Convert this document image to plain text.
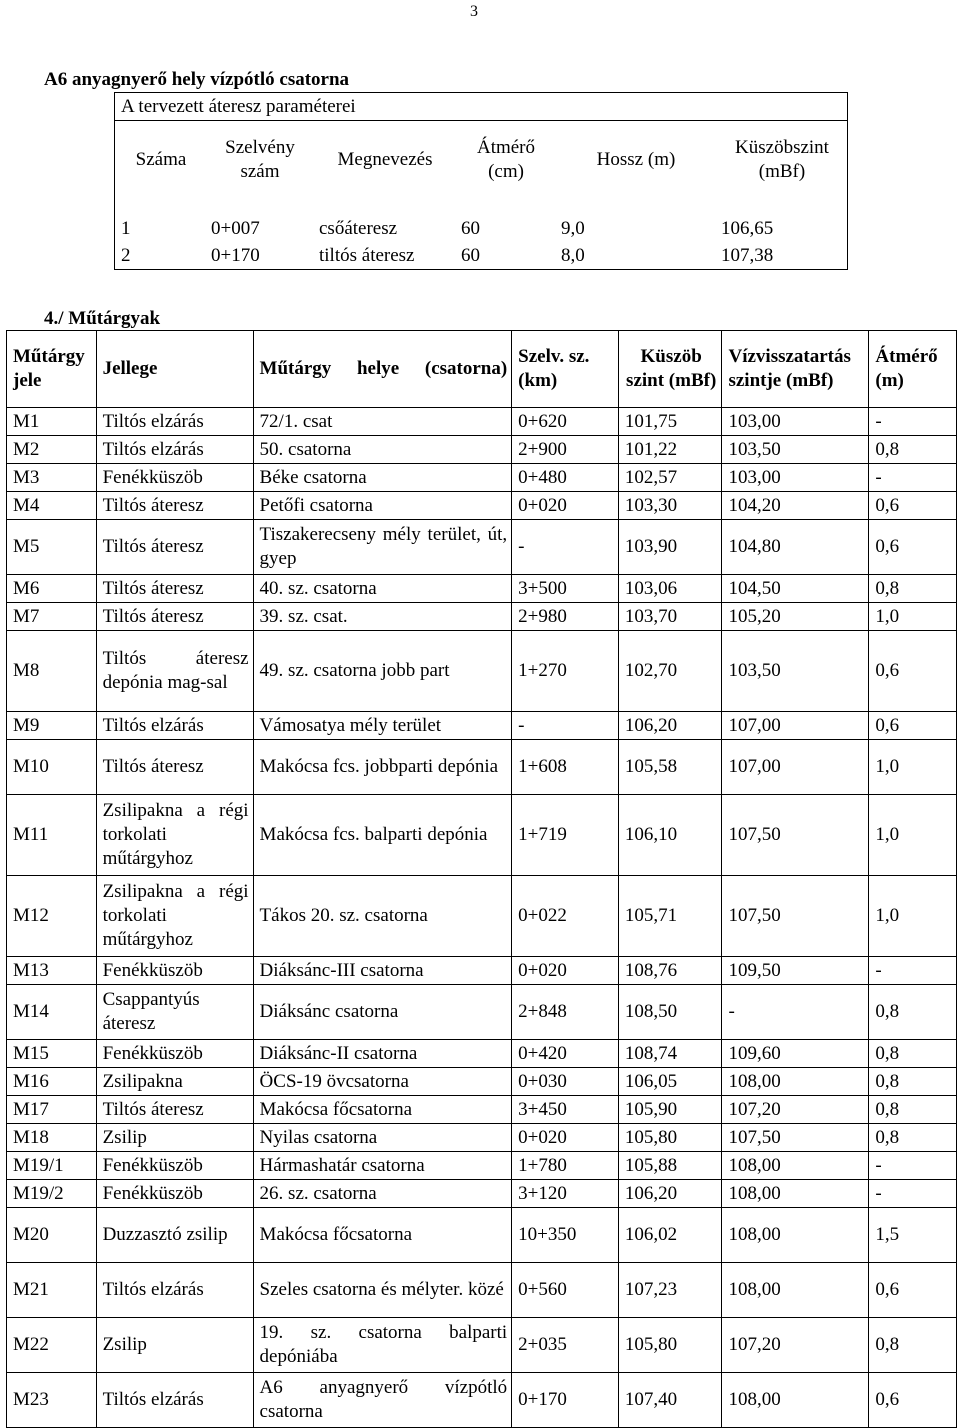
3
A6 anyagnyerő hely vízpótló csatorna
A tervezett áteresz paraméterei					
Száma	Szelvény szám	Megnevezés	Átmérő (cm)	Hossz (m)	Küszöbszint (mBf)

1	0+007	csőáteresz	60	9,0	106,65
2	0+170	tiltós áteresz	60	8,0	107,38
4./ Műtárgyak
Műtárgy jele	Jellege	Műtárgy helye (csatorna)	Szelv. sz. (km)	Küszöb szint (mBf)	Vízvisszatartás szintje (mBf)	Átmérő (m)
M1	Tiltós elzárás	72/1. csat	0+620	101,75	103,00	-
M2	Tiltós elzárás	50. csatorna	2+900	101,22	103,50	0,8
M3	Fenékküszöb	Béke csatorna	0+480	102,57	103,00	-
M4	Tiltós áteresz	Petőfi csatorna	0+020	103,30	104,20	0,6
M5	Tiltós áteresz	Tiszakerecseny mély terület, út, gyep	-	103,90	104,80	0,6
M6	Tiltós áteresz	40. sz. csatorna	3+500	103,06	104,50	0,8
M7	Tiltós áteresz	39. sz. csat.	2+980	103,70	105,20	1,0
M8	Tiltós áteresz depónia mag-sal	49. sz. csatorna jobb part	1+270	102,70	103,50	0,6
M9	Tiltós elzárás	Vámosatya mély terület	-	106,20	107,00	0,6
M10	Tiltós áteresz	Makócsa fcs. jobbparti depónia	1+608	105,58	107,00	1,0
M11	Zsilipakna a régi torkolati műtárgyhoz	Makócsa fcs. balparti depónia	1+719	106,10	107,50	1,0
M12	Zsilipakna a régi torkolati műtárgyhoz	Tákos 20. sz. csatorna	0+022	105,71	107,50	1,0
M13	Fenékküszöb	Diáksánc-III csatorna	0+020	108,76	109,50	-
M14	Csappantyús áteresz	Diáksánc csatorna	2+848	108,50	-	0,8
M15	Fenékküszöb	Diáksánc-II csatorna	0+420	108,74	109,60	0,8
M16	Zsilipakna	ÖCS-19 övcsatorna	0+030	106,05	108,00	0,8
M17	Tiltós áteresz	Makócsa főcsatorna	3+450	105,90	107,20	0,8
M18	Zsilip	Nyilas csatorna	0+020	105,80	107,50	0,8
M19/1	Fenékküszöb	Hármashatár csatorna	1+780	105,88	108,00	-
M19/2	Fenékküszöb	26. sz. csatorna	3+120	106,20	108,00	-
M20	Duzzasztó zsilip	Makócsa főcsatorna	10+350	106,02	108,00	1,5
M21	Tiltós elzárás	Szeles csatorna és mélyter. közé	0+560	107,23	108,00	0,6
M22	Zsilip	19. sz. csatorna balparti depóniába	2+035	105,80	107,20	0,8
M23	Tiltós elzárás	A6 anyagnyerő vízpótló csatorna	0+170	107,40	108,00	0,6
